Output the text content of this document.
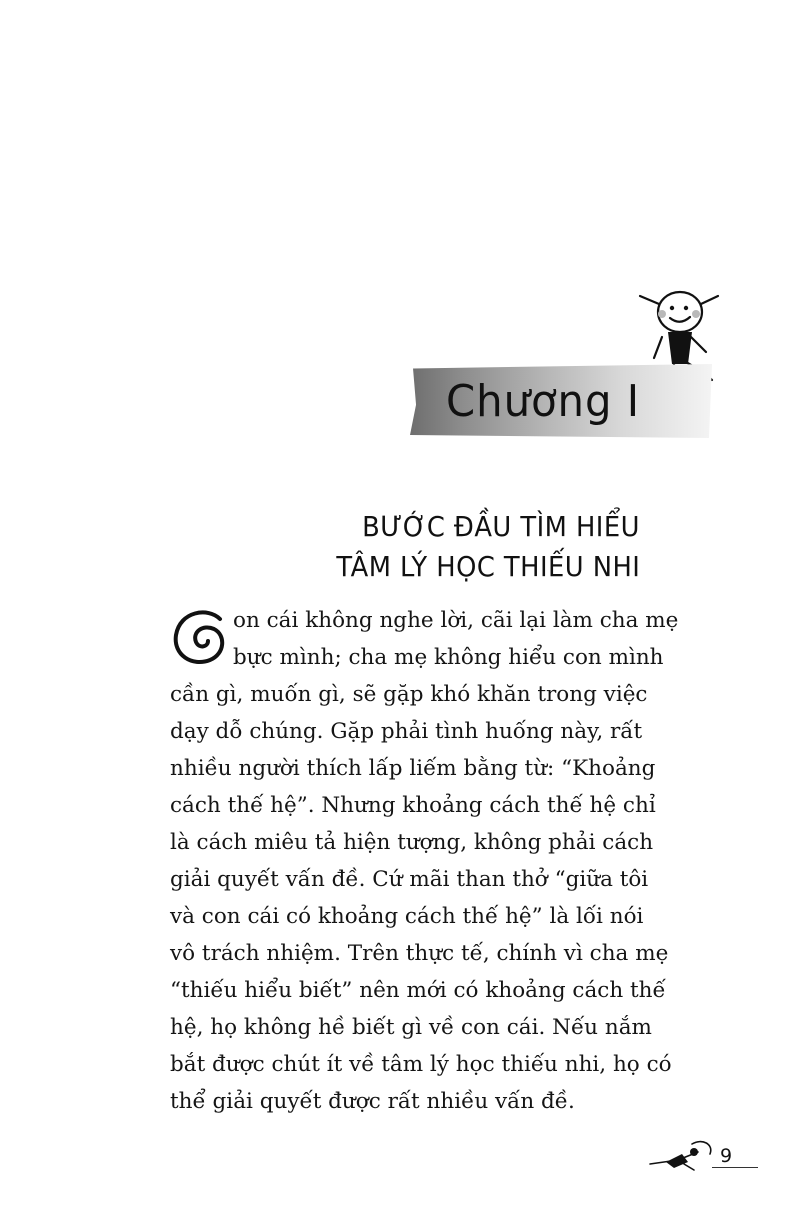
Chương I
BƯỚC ĐẦU TÌM HIỂU
TÂM LÝ HỌC THIẾU NHI
on cái không nghe lời, cãi lại làm cha mẹ
bực mình; cha mẹ không hiểu con mình
cần gì, muốn gì, sẽ gặp khó khăn trong việc
dạy dỗ chúng. Gặp phải tình huống này, rất
nhiều người thích lấp liếm bằng từ: “Khoảng
cách thế hệ”. Nhưng khoảng cách thế hệ chỉ
là cách miêu tả hiện tượng, không phải cách
giải quyết vấn đề. Cứ mãi than thở “giữa tôi
và con cái có khoảng cách thế hệ” là lối nói
vô trách nhiệm. Trên thực tế, chính vì cha mẹ
“thiếu hiểu biết” nên mới có khoảng cách thế
hệ, họ không hề biết gì về con cái. Nếu nắm
bắt được chút ít về tâm lý học thiếu nhi, họ có
thể giải quyết được rất nhiều vấn đề.
9
